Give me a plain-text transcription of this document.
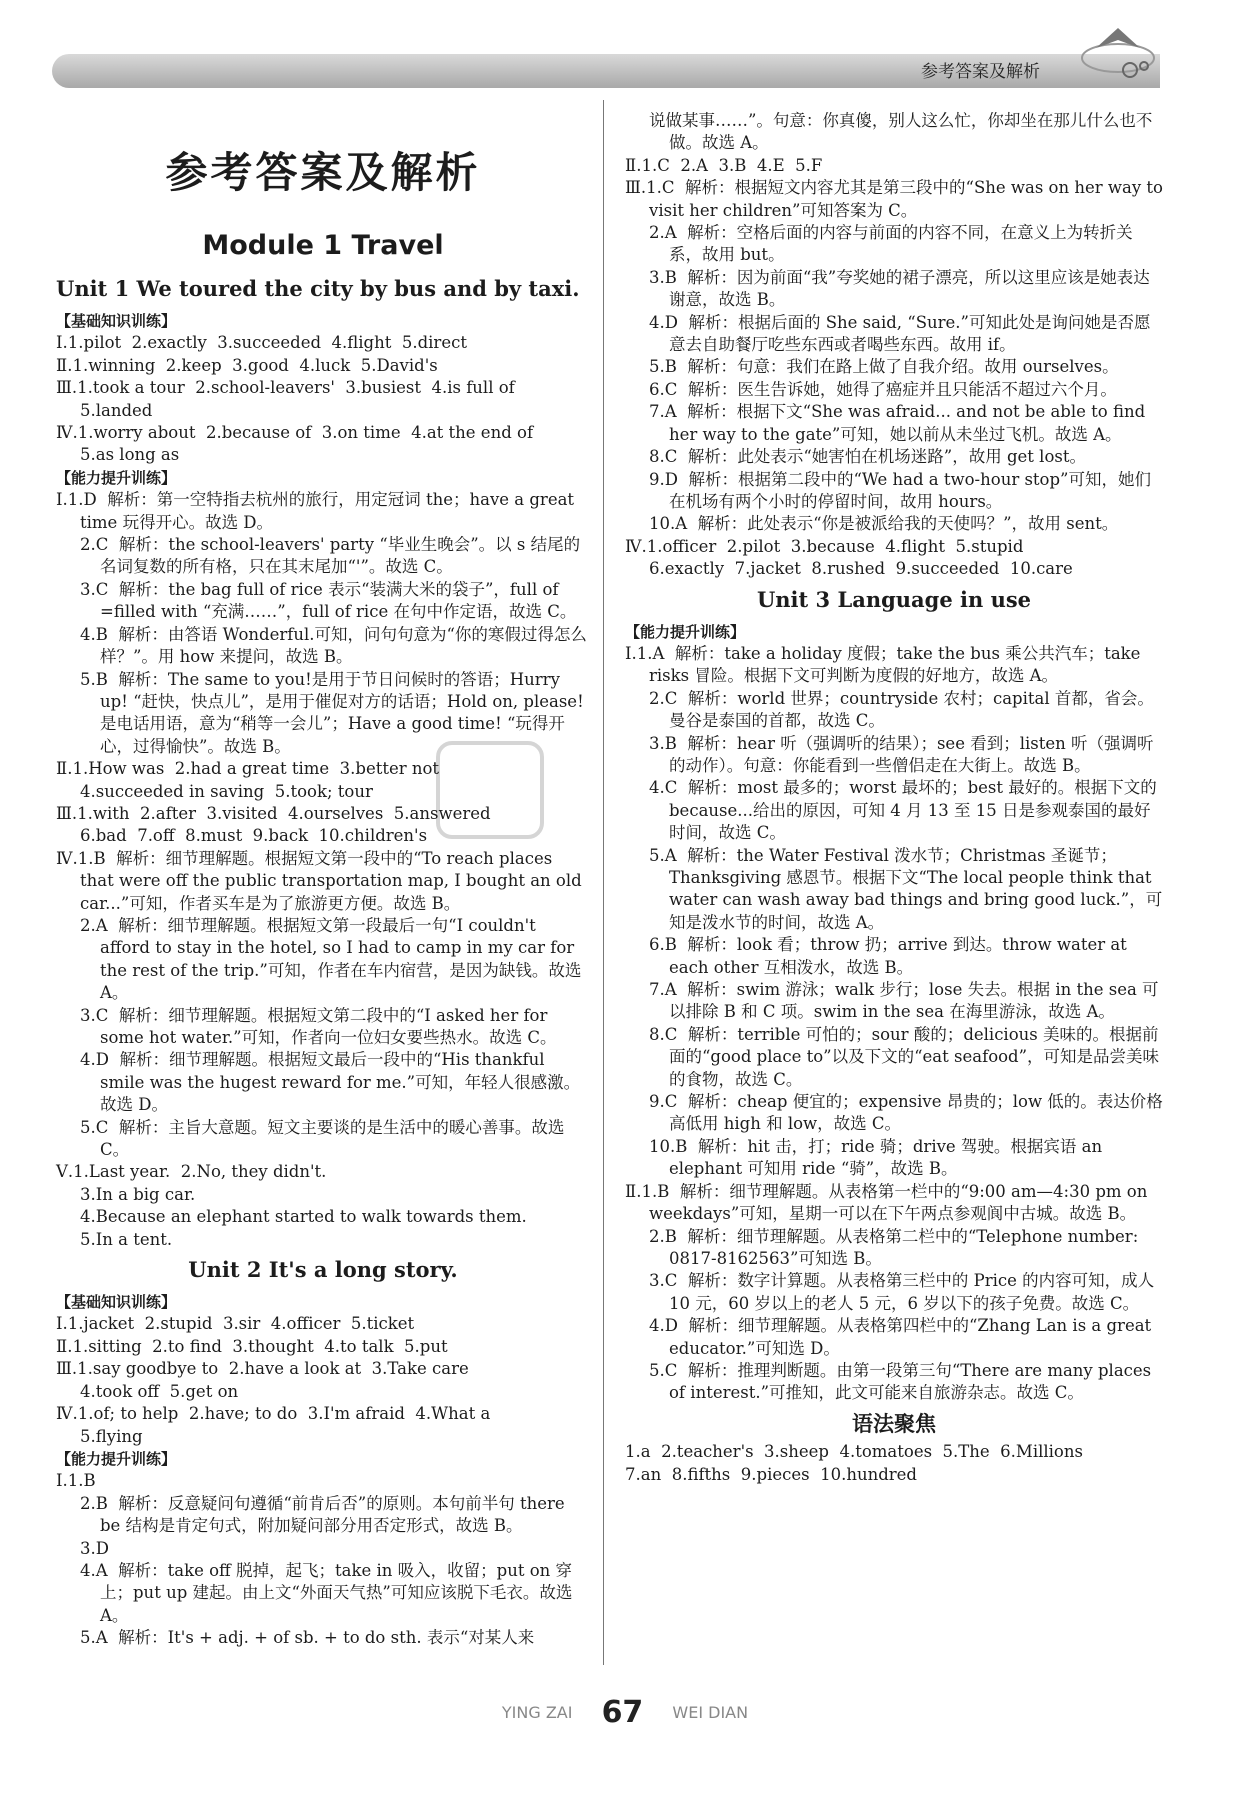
参考答案及解析
参考答案及解析
Module 1 Travel
Unit 1 We toured the city by bus and by taxi.
【基础知识训练】
Ⅰ.1.pilot  2.exactly  3.succeeded  4.flight  5.direct
Ⅱ.1.winning  2.keep  3.good  4.luck  5.David's
Ⅲ.1.took a tour  2.school-leavers'  3.busiest  4.is full of
5.landed
Ⅳ.1.worry about  2.because of  3.on time  4.at the end of
5.as long as
【能力提升训练】
Ⅰ.1.D  解析：第一空特指去杭州的旅行，用定冠词 the；have a great time 玩得开心。故选 D。
2.C  解析：the school-leavers' party “毕业生晚会”。以 s 结尾的名词复数的所有格，只在其末尾加“'”。故选 C。
3.C  解析：the bag full of rice 表示“装满大米的袋子”，full of =filled with “充满……”，full of rice 在句中作定语，故选 C。
4.B  解析：由答语 Wonderful.可知，问句句意为“你的寒假过得怎么样？”。用 how 来提问，故选 B。
5.B  解析：The same to you!是用于节日问候时的答语；Hurry up! “赶快，快点儿”，是用于催促对方的话语；Hold on, please!是电话用语，意为“稍等一会儿”；Have a good time! “玩得开心，过得愉快”。故选 B。
Ⅱ.1.How was  2.had a great time  3.better not
4.succeeded in saving  5.took; tour
Ⅲ.1.with  2.after  3.visited  4.ourselves  5.answered
6.bad  7.off  8.must  9.back  10.children's
Ⅳ.1.B  解析：细节理解题。根据短文第一段中的“To reach places that were off the public transportation map, I bought an old car...”可知，作者买车是为了旅游更方便。故选 B。
2.A  解析：细节理解题。根据短文第一段最后一句“I couldn't afford to stay in the hotel, so I had to camp in my car for the rest of the trip.”可知，作者在车内宿营，是因为缺钱。故选 A。
3.C  解析：细节理解题。根据短文第二段中的“I asked her for some hot water.”可知，作者向一位妇女要些热水。故选 C。
4.D  解析：细节理解题。根据短文最后一段中的“His thankful smile was the hugest reward for me.”可知，年轻人很感激。故选 D。
5.C  解析：主旨大意题。短文主要谈的是生活中的暖心善事。故选 C。
Ⅴ.1.Last year.  2.No, they didn't.
3.In a big car.
4.Because an elephant started to walk towards them.
5.In a tent.
Unit 2 It's a long story.
【基础知识训练】
Ⅰ.1.jacket  2.stupid  3.sir  4.officer  5.ticket
Ⅱ.1.sitting  2.to find  3.thought  4.to talk  5.put
Ⅲ.1.say goodbye to  2.have a look at  3.Take care
4.took off  5.get on
Ⅳ.1.of; to help  2.have; to do  3.I'm afraid  4.What a
5.flying
【能力提升训练】
Ⅰ.1.B
2.B  解析：反意疑问句遵循“前肯后否”的原则。本句前半句 there be 结构是肯定句式，附加疑问部分用否定形式，故选 B。
3.D
4.A  解析：take off 脱掉，起飞；take in 吸入，收留；put on 穿上；put up 建起。由上文“外面天气热”可知应该脱下毛衣。故选 A。
5.A  解析：It's + adj. + of sb. + to do sth. 表示“对某人来
说做某事……”。句意：你真傻，别人这么忙，你却坐在那儿什么也不做。故选 A。
Ⅱ.1.C  2.A  3.B  4.E  5.F
Ⅲ.1.C  解析：根据短文内容尤其是第三段中的“She was on her way to visit her children”可知答案为 C。
2.A  解析：空格后面的内容与前面的内容不同，在意义上为转折关系，故用 but。
3.B  解析：因为前面“我”夸奖她的裙子漂亮，所以这里应该是她表达谢意，故选 B。
4.D  解析：根据后面的 She said, “Sure.”可知此处是询问她是否愿意去自助餐厅吃些东西或者喝些东西。故用 if。
5.B  解析：句意：我们在路上做了自我介绍。故用 ourselves。
6.C  解析：医生告诉她，她得了癌症并且只能活不超过六个月。
7.A  解析：根据下文“She was afraid... and not be able to find her way to the gate”可知，她以前从未坐过飞机。故选 A。
8.C  解析：此处表示“她害怕在机场迷路”，故用 get lost。
9.D  解析：根据第二段中的“We had a two-hour stop”可知，她们在机场有两个小时的停留时间，故用 hours。
10.A  解析：此处表示“你是被派给我的天使吗？”，故用 sent。
Ⅳ.1.officer  2.pilot  3.because  4.flight  5.stupid
6.exactly  7.jacket  8.rushed  9.succeeded  10.care
Unit 3 Language in use
【能力提升训练】
Ⅰ.1.A  解析：take a holiday 度假；take the bus 乘公共汽车；take risks 冒险。根据下文可判断为度假的好地方，故选 A。
2.C  解析：world 世界；countryside 农村；capital 首都，省会。曼谷是泰国的首都，故选 C。
3.B  解析：hear 听（强调听的结果）；see 看到；listen 听（强调听的动作）。句意：你能看到一些僧侣走在大街上。故选 B。
4.C  解析：most 最多的；worst 最坏的；best 最好的。根据下文的 because...给出的原因，可知 4 月 13 至 15 日是参观泰国的最好时间，故选 C。
5.A  解析：the Water Festival 泼水节；Christmas 圣诞节；Thanksgiving 感恩节。根据下文“The local people think that water can wash away bad things and bring good luck.”，可知是泼水节的时间，故选 A。
6.B  解析：look 看；throw 扔；arrive 到达。throw water at each other 互相泼水，故选 B。
7.A  解析：swim 游泳；walk 步行；lose 失去。根据 in the sea 可以排除 B 和 C 项。swim in the sea 在海里游泳，故选 A。
8.C  解析：terrible 可怕的；sour 酸的；delicious 美味的。根据前面的“good place to”以及下文的“eat seafood”，可知是品尝美味的食物，故选 C。
9.C  解析：cheap 便宜的；expensive 昂贵的；low 低的。表达价格高低用 high 和 low，故选 C。
10.B  解析：hit 击，打；ride 骑；drive 驾驶。根据宾语 an elephant 可知用 ride “骑”，故选 B。
Ⅱ.1.B  解析：细节理解题。从表格第一栏中的“9:00 am—4:30 pm on weekdays”可知，星期一可以在下午两点参观阆中古城。故选 B。
2.B  解析：细节理解题。从表格第二栏中的“Telephone number: 0817-8162563”可知选 B。
3.C  解析：数字计算题。从表格第三栏中的 Price 的内容可知，成人 10 元，60 岁以上的老人 5 元，6 岁以下的孩子免费。故选 C。
4.D  解析：细节理解题。从表格第四栏中的“Zhang Lan is a great educator.”可知选 D。
5.C  解析：推理判断题。由第一段第三句“There are many places of interest.”可推知，此文可能来自旅游杂志。故选 C。
语法聚焦
1.a  2.teacher's  3.sheep  4.tomatoes  5.The  6.Millions
7.an  8.fifths  9.pieces  10.hundred
YING ZAI 67 WEI DIAN
